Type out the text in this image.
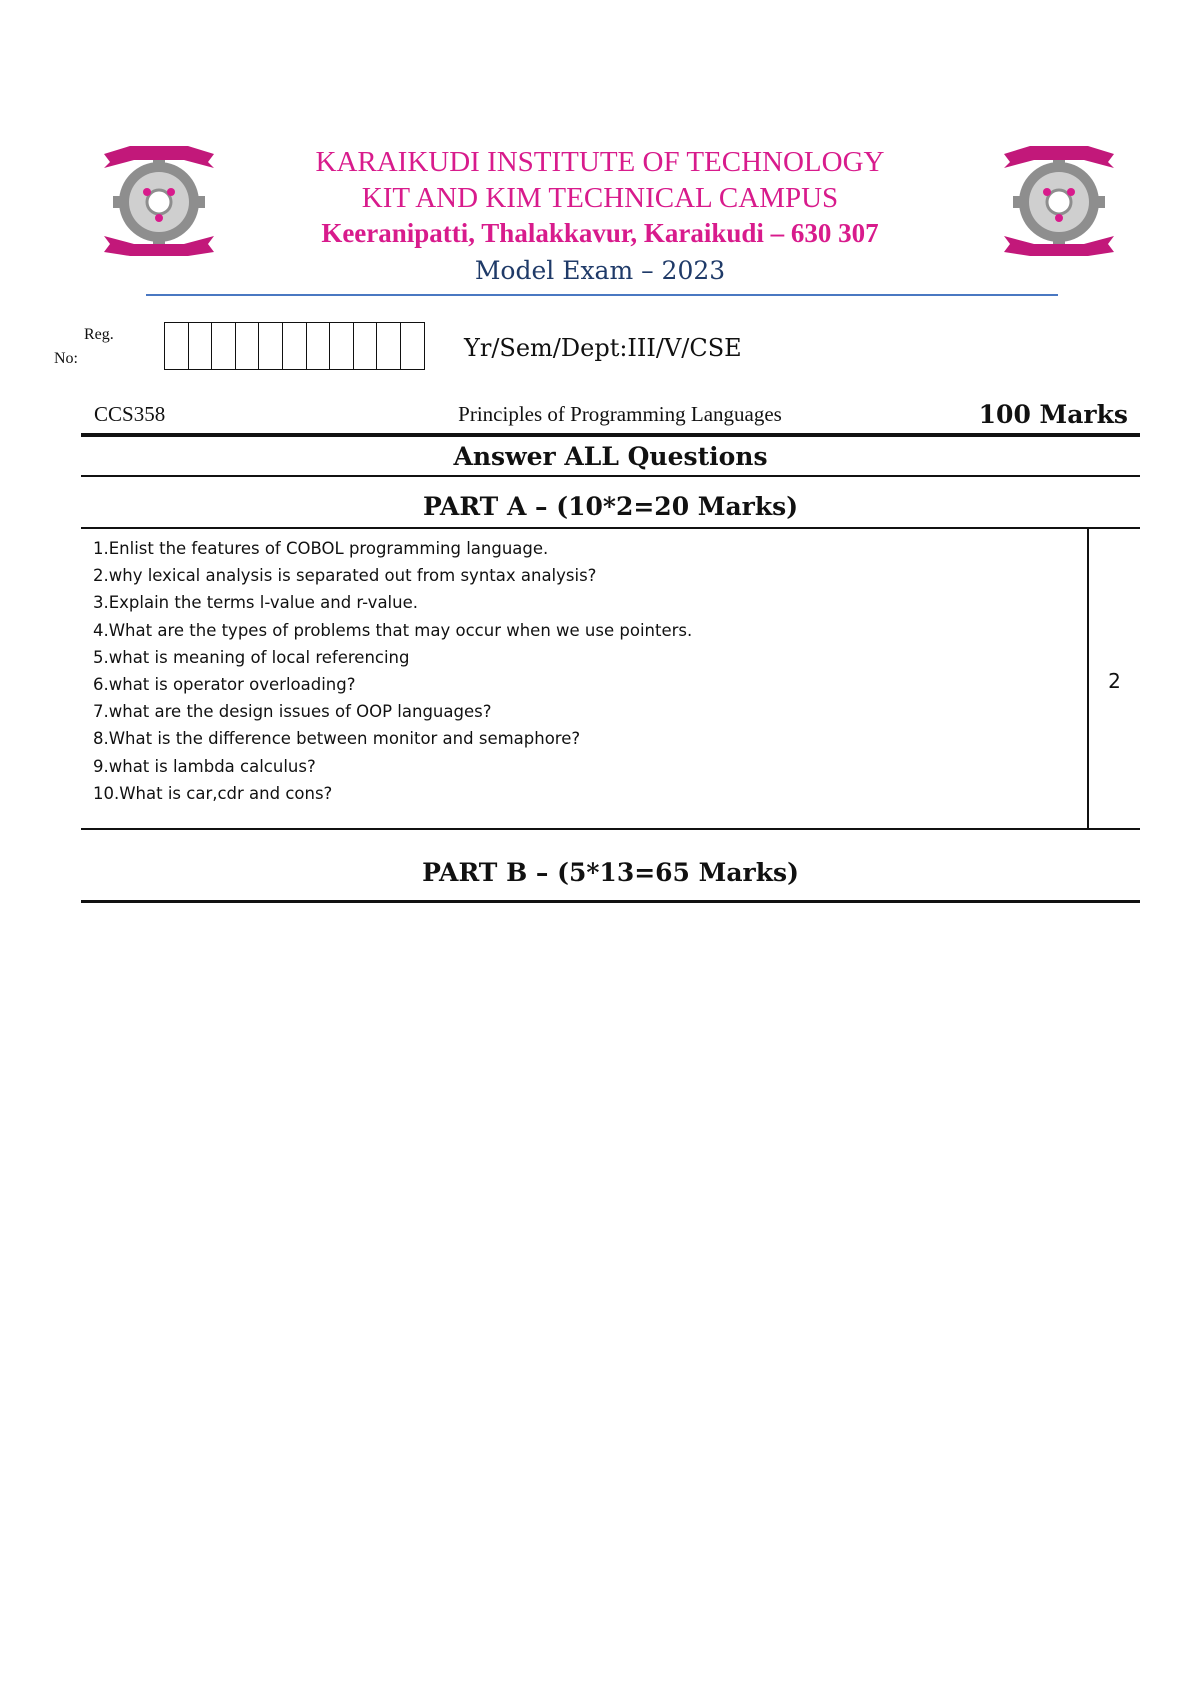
KARAIKUDI INSTITUTE OF TECHNOLOGY
KIT AND KIM TECHNICAL CAMPUS
Keeranipatti, Thalakkavur, Karaikudi – 630 307
Model Exam – 2023
Reg.
No:	Yr/Sem/Dept:III/V/CSE
CCS358	Principles of Programming Languages	100 Marks
Answer ALL Questions
PART A – (10*2=20 Marks)
1.Enlist the features of COBOL programming language.
2.why lexical analysis is separated out from syntax analysis?
3.Explain the terms l-value and r-value.
4.What are the types of problems that may occur when we use pointers.
5.what is meaning of local referencing
6.what is operator overloading?
7.what are the design issues of OOP languages?
8.What is the difference between monitor and semaphore?
9.what is lambda calculus?
10.What is car,cdr and cons?
2
PART B – (5*13=65 Marks)
